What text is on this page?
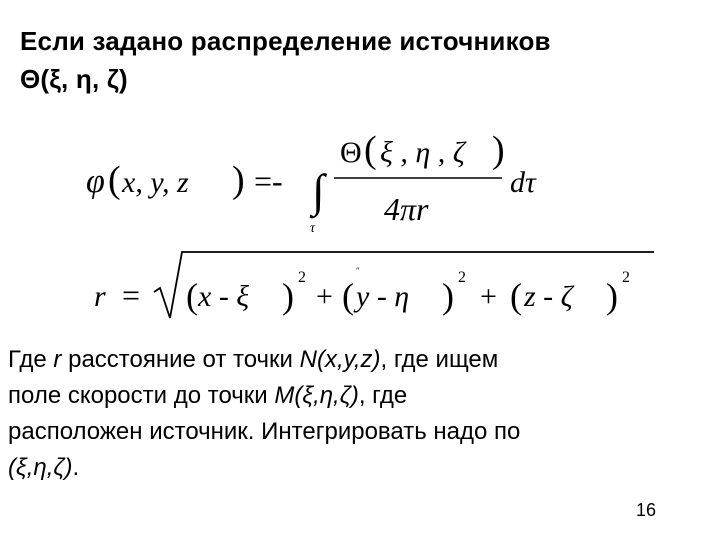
Если задано распределение источников
Θ(ξ, η, ζ)
φ ( x, y, z ) =- ∫
τ
Θ ( ξ , η , ζ )
4πr
dτ
r = ( x - ξ ) 2
+ (
″
y - η ) 2
+ ( z - ζ ) 2
Где r расстояние от точки N(x,y,z), где ищем
поле скорости до точки M(ξ,η,ζ), где
расположен источник. Интегрировать надо по
(ξ,η,ζ).
16
